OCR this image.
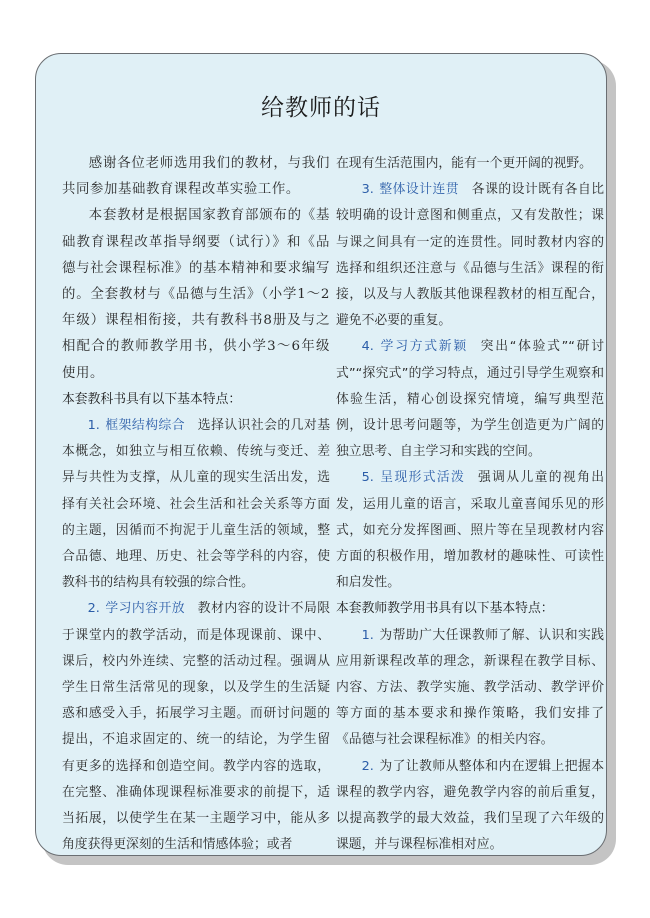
给教师的话

感谢各位老师选用我们的教材，与我们共同参加基础教育课程改革实验工作。

本套教材是根据国家教育部颁布的《基础教育课程改革指导纲要（试行）》和《品德与社会课程标准》的基本精神和要求编写的。全套教材与《品德与生活》（小学1～2年级）课程相衔接，共有教科书8册及与之相配合的教师教学用书，供小学3～6年级使用。

本套教科书具有以下基本特点：

1. 框架结构综合 选择认识社会的几对基本概念，如独立与相互依赖、传统与变迁、差异与共性为支撑，从儿童的现实生活出发，选择有关社会环境、社会生活和社会关系等方面的主题，因循而不拘泥于儿童生活的领域，整合品德、地理、历史、社会等学科的内容，使教科书的结构具有较强的综合性。

2. 学习内容开放 教材内容的设计不局限于课堂内的教学活动，而是体现课前、课中、课后，校内外连续、完整的活动过程。强调从学生日常生活常见的现象，以及学生的生活疑惑和感受入手，拓展学习主题。而研讨问题的提出，不追求固定的、统一的结论，为学生留有更多的选择和创造空间。教学内容的选取，在完整、准确体现课程标准要求的前提下，适当拓展，以使学生在某一主题学习中，能从多角度获得更深刻的生活和情感体验；或者

在现有生活范围内，能有一个更开阔的视野。

3. 整体设计连贯 各课的设计既有各自比较明确的设计意图和侧重点，又有发散性；课与课之间具有一定的连贯性。同时教材内容的选择和组织还注意与《品德与生活》课程的衔接，以及与人教版其他课程教材的相互配合，避免不必要的重复。

4. 学习方式新颖 突出“体验式”“研讨式”“探究式”的学习特点，通过引导学生观察和体验生活，精心创设探究情境，编写典型范例，设计思考问题等，为学生创造更为广阔的独立思考、自主学习和实践的空间。

5. 呈现形式活泼 强调从儿童的视角出发，运用儿童的语言，采取儿童喜闻乐见的形式，如充分发挥图画、照片等在呈现教材内容方面的积极作用，增加教材的趣味性、可读性和启发性。

本套教师教学用书具有以下基本特点：

1. 为帮助广大任课教师了解、认识和实践应用新课程改革的理念，新课程在教学目标、内容、方法、教学实施、教学活动、教学评价等方面的基本要求和操作策略，我们安排了《品德与社会课程标准》的相关内容。

2. 为了让教师从整体和内在逻辑上把握本课程的教学内容，避免教学内容的前后重复，以提高教学的最大效益，我们呈现了六年级的课题，并与课程标准相对应。
